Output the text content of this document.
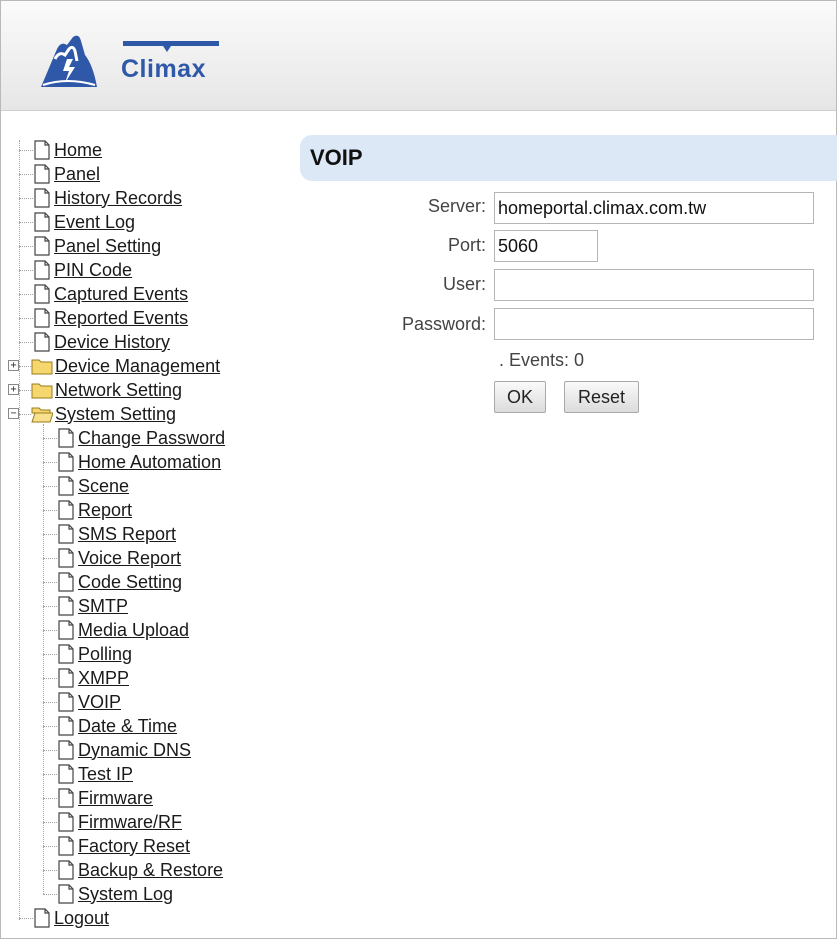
Climax
Home
Panel
History Records
Event Log
Panel Setting
PIN Code
Captured Events
Reported Events
Device History
Device Management
+
Network Setting
+
System Setting
−
Change Password
Home Automation
Scene
Report
SMS Report
Voice Report
Code Setting
SMTP
Media Upload
Polling
XMPP
VOIP
Date & Time
Dynamic DNS
Test IP
Firmware
Firmware/RF
Factory Reset
Backup & Restore
System Log
Logout
VOIP
Server:
homeportal.climax.com.tw
Port:
5060
User:
Password:
. Events: 0
OK	Reset
